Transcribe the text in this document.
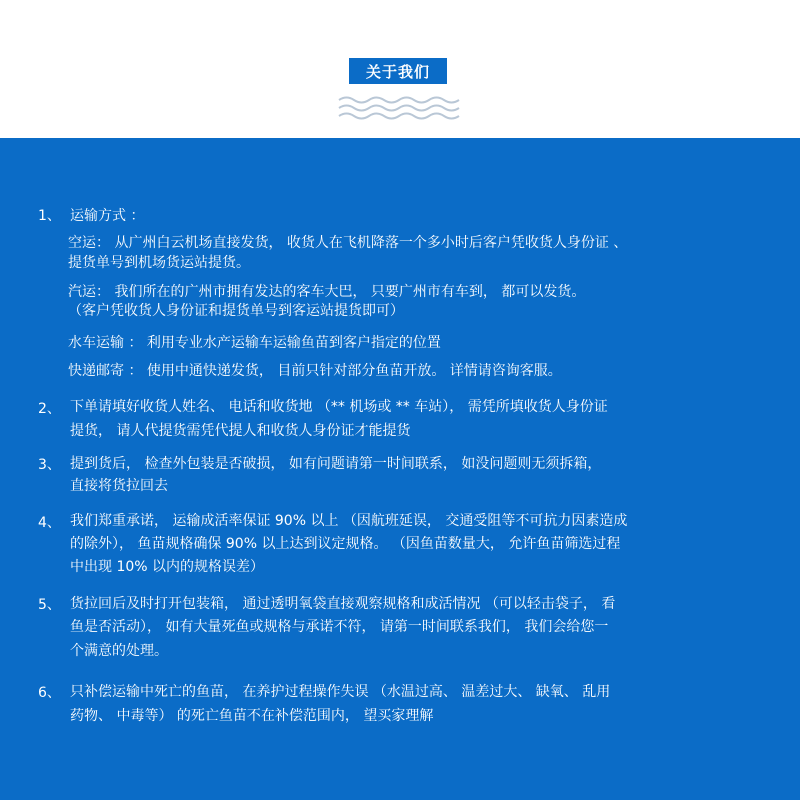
关于我们
1、 运输方式 ：
空运： 从广州白云机场直接发货， 收货人在飞机降落一个多小时后客户凭收货人身份证 、
提货单号到机场货运站提货。
汽运： 我们所在的广州市拥有发达的客车大巴， 只要广州市有车到， 都可以发货。
（客户凭收货人身份证和提货单号到客运站提货即可）
水车运输 ： 利用专业水产运输车运输鱼苗到客户指定的位置
快递邮寄 ： 使用中通快递发货， 目前只针对部分鱼苗开放。 详情请咨询客服。
2、 下单请填好收货人姓名、 电话和收货地 （** 机场或 ** 车站）， 需凭所填收货人身份证
提货， 请人代提货需凭代提人和收货人身份证才能提货
3、 提到货后， 检查外包装是否破损， 如有问题请第一时间联系， 如没问题则无须拆箱，
直接将货拉回去
4、 我们郑重承诺， 运输成活率保证 90% 以上 （因航班延误， 交通受阻等不可抗力因素造成
的除外）， 鱼苗规格确保 90% 以上达到议定规格。 （因鱼苗数量大， 允许鱼苗筛选过程
中出现 10% 以内的规格误差）
5、 货拉回后及时打开包装箱， 通过透明氧袋直接观察规格和成活情况 （可以轻击袋子， 看
鱼是否活动）， 如有大量死鱼或规格与承诺不符， 请第一时间联系我们， 我们会给您一
个满意的处理。
6、 只补偿运输中死亡的鱼苗， 在养护过程操作失误 （水温过高、 温差过大、 缺氧、 乱用
药物、 中毒等） 的死亡鱼苗不在补偿范围内， 望买家理解
